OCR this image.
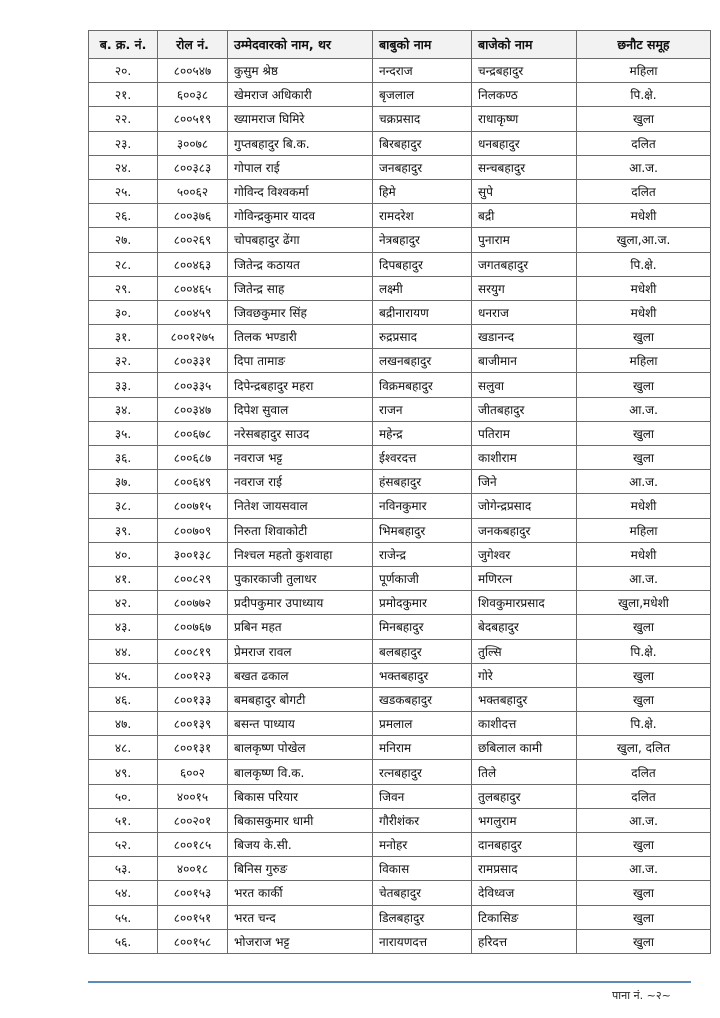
ब. क्र. नं.	रोल नं.	उम्मेदवारको नाम, थर	बाबुको नाम	बाजेको नाम	छनौट समूह
२०.	८००५४७	कुसुम श्रेष्ठ	नन्दराज	चन्द्रबहादुर	महिला
२१.	६००३८	खेमराज अधिकारी	बृजलाल	निलकण्ठ	पि.क्षे.
२२.	८००५१९	ख्यामराज घिमिरे	चक्रप्रसाद	राधाकृष्ण	खुला
२३.	३००७८	गुप्तबहादुर बि.क.	बिरबहादुर	धनबहादुर	दलित
२४.	८००३८३	गोपाल राई	जनबहादुर	सन्चबहादुर	आ.ज.
२५.	५००६२	गोविन्द विश्वकर्मा	हिमे	सुपे	दलित
२६.	८००३७६	गोविन्द्रकुमार यादव	रामदरेश	बद्री	मधेशी
२७.	८००२६९	चोपबहादुर ढेंगा	नेत्रबहादुर	पुनाराम	खुला,आ.ज.
२८.	८००४६३	जितेन्द्र कठायत	दिपबहादुर	जगतबहादुर	पि.क्षे.
२९.	८००४६५	जितेन्द्र साह	लक्ष्मी	सरयुग	मधेशी
३०.	८००४५९	जिवछकुमार सिंह	बद्रीनारायण	धनराज	मधेशी
३१.	८००१२७५	तिलक भण्डारी	रुद्रप्रसाद	खडानन्द	खुला
३२.	८००३३१	दिपा तामाङ	लखनबहादुर	बाजीमान	महिला
३३.	८००३३५	दिपेन्द्रबहादुर महरा	विक्रमबहादुर	सलुवा	खुला
३४.	८००३४७	दिपेश सुवाल	राजन	जीतबहादुर	आ.ज.
३५.	८००६७८	नरेसबहादुर साउद	महेन्द्र	पतिराम	खुला
३६.	८००६८७	नवराज भट्ट	ईश्वरदत्त	काशीराम	खुला
३७.	८००६४९	नवराज राई	हंसबहादुर	जिने	आ.ज.
३८.	८००७१५	नितेश जायसवाल	नविनकुमार	जोगेन्द्रप्रसाद	मधेशी
३९.	८००७०९	निरुता शिवाकोटी	भिमबहादुर	जनकबहादुर	महिला
४०.	३००१३८	निश्चल महतो कुशवाहा	राजेन्द्र	जुगेश्वर	मधेशी
४१.	८००८२९	पुकारकाजी तुलाधर	पूर्णकाजी	मणिरत्न	आ.ज.
४२.	८००७७२	प्रदीपकुमार उपाध्याय	प्रमोदकुमार	शिवकुमारप्रसाद	खुला,मधेशी
४३.	८००७६७	प्रबिन महत	मिनबहादुर	बेदबहादुर	खुला
४४.	८००८१९	प्रेमराज रावल	बलबहादुर	तुल्सि	पि.क्षे.
४५.	८००१२३	बखत ढकाल	भक्तबहादुर	गोरे	खुला
४६.	८००१३३	बमबहादुर बोगटी	खडकबहादुर	भक्तबहादुर	खुला
४७.	८००१३९	बसन्त पाध्याय	प्रमलाल	काशीदत्त	पि.क्षे.
४८.	८००१३१	बालकृष्ण पोखेल	मनिराम	छबिलाल कामी	खुला, दलित
४९.	६००२	बालकृष्ण वि.क.	रत्नबहादुर	तिले	दलित
५०.	४००१५	बिकास परियार	जिवन	तुलबहादुर	दलित
५१.	८००२०१	बिकासकुमार धामी	गौरीशंकर	भगलुराम	आ.ज.
५२.	८००१८५	बिजय के.सी.	मनोहर	दानबहादुर	खुला
५३.	४००१८	बिनिस गुरुङ	विकास	रामप्रसाद	आ.ज.
५४.	८००१५३	भरत कार्की	चेतबहादुर	देविध्वज	खुला
५५.	८००१५१	भरत चन्द	डिलबहादुर	टिकासिङ	खुला
५६.	८००१५८	भोजराज भट्ट	नारायणदत्त	हरिदत्त	खुला
पाना नं. ~२~
